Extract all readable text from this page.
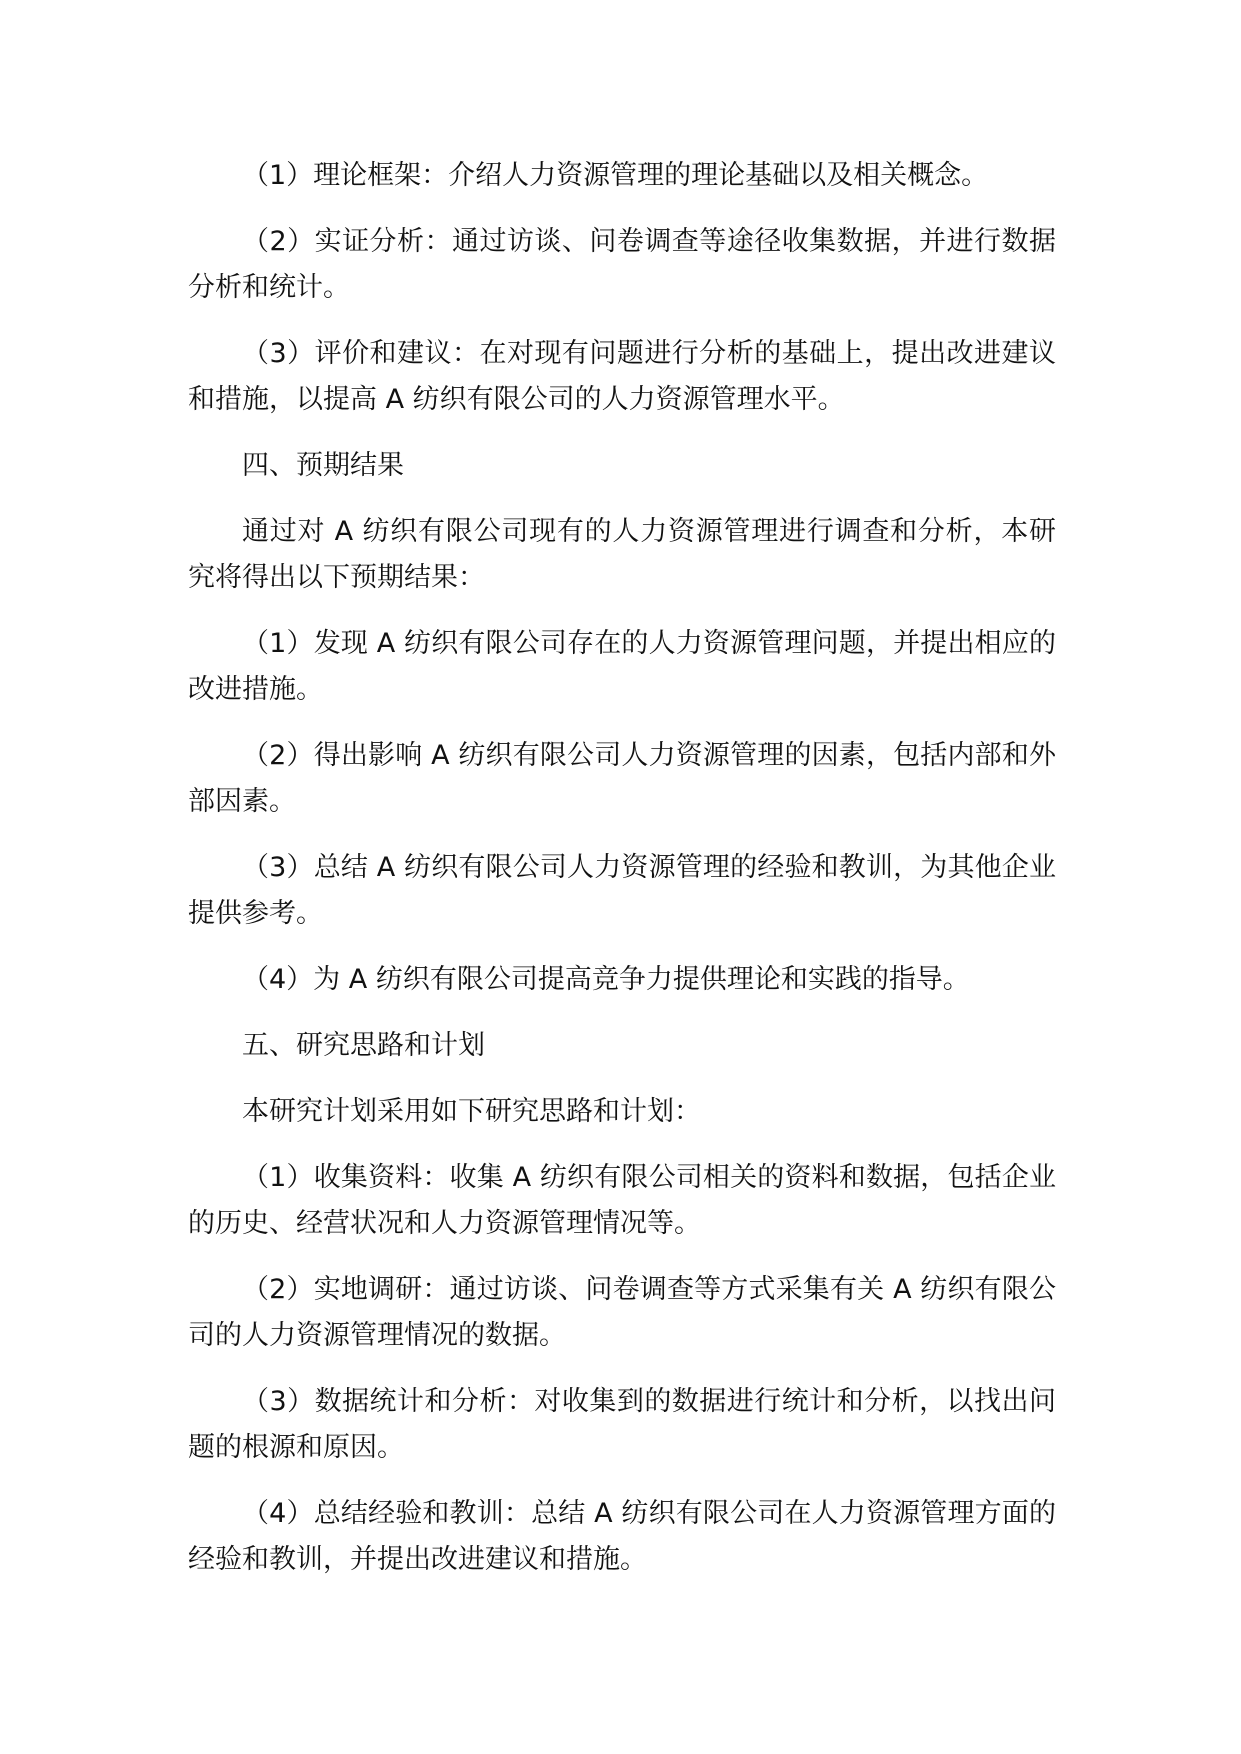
（1）理论框架：介绍人力资源管理的理论基础以及相关概念。

（2）实证分析：通过访谈、问卷调查等途径收集数据，并进行数据分析和统计。

（3）评价和建议：在对现有问题进行分析的基础上，提出改进建议和措施，以提高 A 纺织有限公司的人力资源管理水平。

四、预期结果

通过对 A 纺织有限公司现有的人力资源管理进行调查和分析，本研究将得出以下预期结果：

（1）发现 A 纺织有限公司存在的人力资源管理问题，并提出相应的改进措施。

（2）得出影响 A 纺织有限公司人力资源管理的因素，包括内部和外部因素。

（3）总结 A 纺织有限公司人力资源管理的经验和教训，为其他企业提供参考。

（4）为 A 纺织有限公司提高竞争力提供理论和实践的指导。

五、研究思路和计划

本研究计划采用如下研究思路和计划：

（1）收集资料：收集 A 纺织有限公司相关的资料和数据，包括企业的历史、经营状况和人力资源管理情况等。

（2）实地调研：通过访谈、问卷调查等方式采集有关 A 纺织有限公司的人力资源管理情况的数据。

（3）数据统计和分析：对收集到的数据进行统计和分析，以找出问题的根源和原因。

（4）总结经验和教训：总结 A 纺织有限公司在人力资源管理方面的经验和教训，并提出改进建议和措施。
